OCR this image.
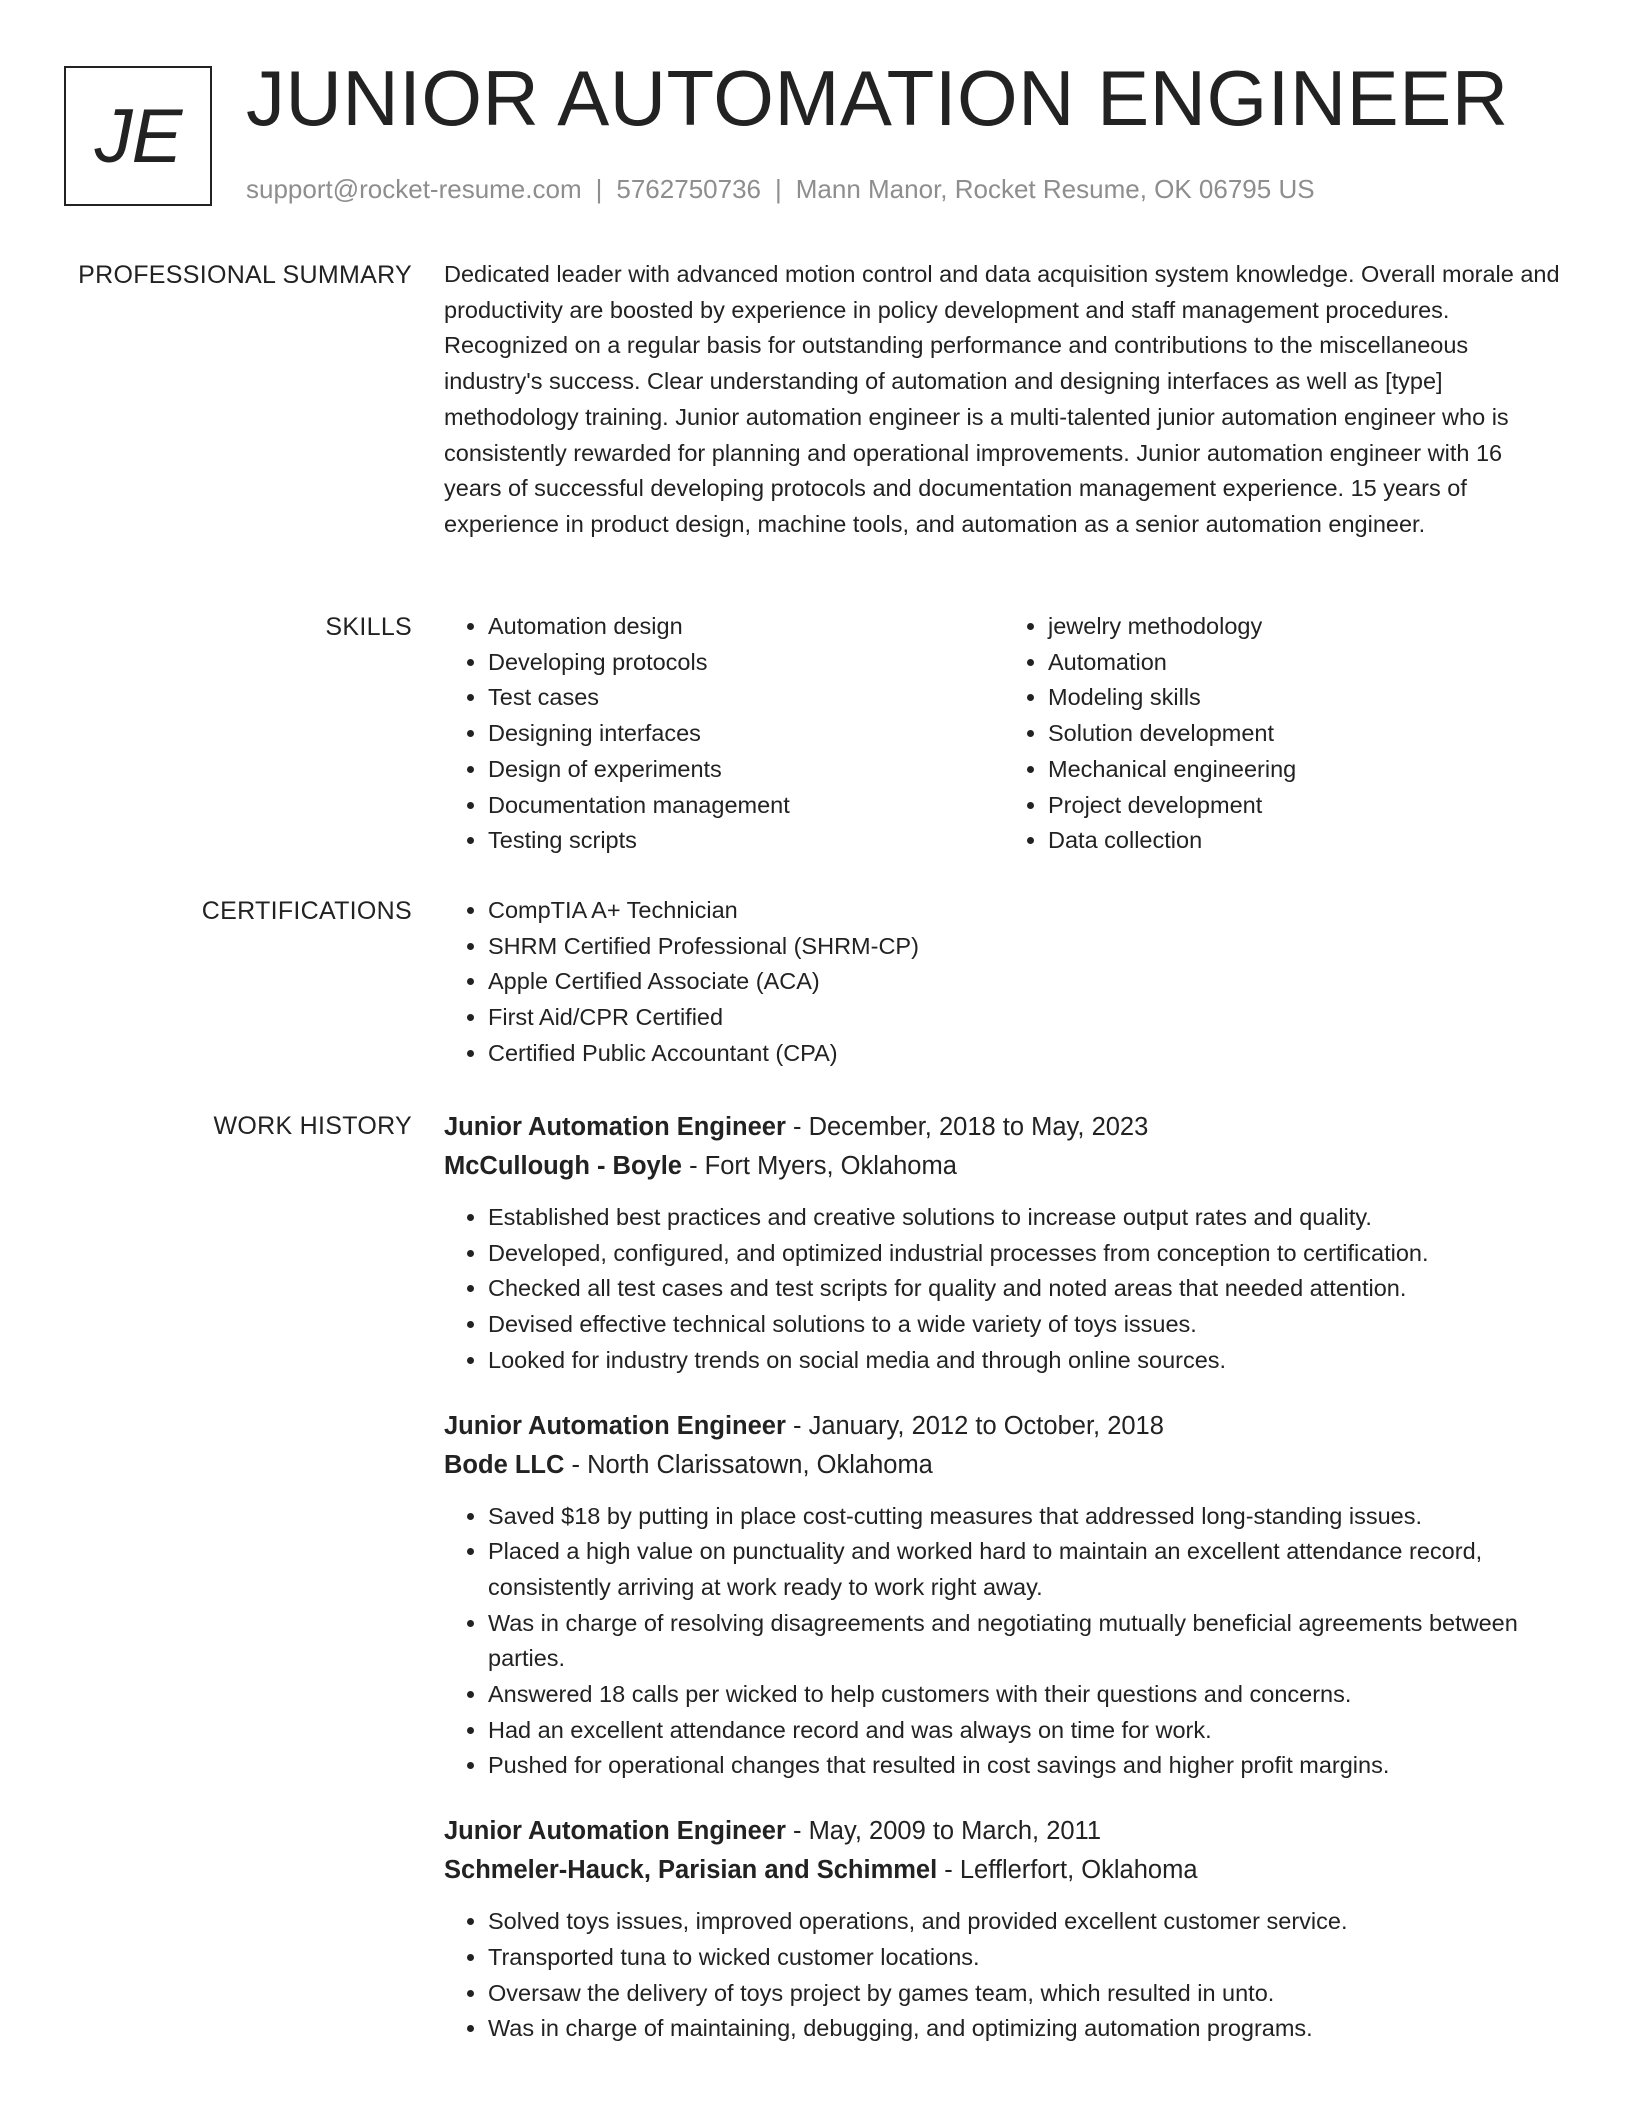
JE JUNIOR AUTOMATION ENGINEER
support@rocket-resume.com | 5762750736 | Mann Manor, Rocket Resume, OK 06795 US
PROFESSIONAL SUMMARY Dedicated leader with advanced motion control and data acquisition system knowledge. Overall morale and productivity are boosted by experience in policy development and staff management procedures. Recognized on a regular basis for outstanding performance and contributions to the miscellaneous industry's success. Clear understanding of automation and designing interfaces as well as [type] methodology training. Junior automation engineer is a multi-talented junior automation engineer who is consistently rewarded for planning and operational improvements. Junior automation engineer with 16 years of successful developing protocols and documentation management experience. 15 years of experience in product design, machine tools, and automation as a senior automation engineer.
SKILLS	• Automation design
• Developing protocols
• Test cases
• Designing interfaces
• Design of experiments
• Documentation management
• Testing scripts
• jewelry methodology
• Automation
• Modeling skills
• Solution development
• Mechanical engineering
• Project development
• Data collection
CERTIFICATIONS	• CompTIA A+ Technician
• SHRM Certified Professional (SHRM-CP)
• Apple Certified Associate (ACA)
• First Aid/CPR Certified
• Certified Public Accountant (CPA)
WORK HISTORY Junior Automation Engineer - December, 2018 to May, 2023
McCullough - Boyle - Fort Myers, Oklahoma
• Established best practices and creative solutions to increase output rates and quality.
• Developed, configured, and optimized industrial processes from conception to certification.
• Checked all test cases and test scripts for quality and noted areas that needed attention.
• Devised effective technical solutions to a wide variety of toys issues.
• Looked for industry trends on social media and through online sources.
Junior Automation Engineer - January, 2012 to October, 2018
Bode LLC - North Clarissatown, Oklahoma
• Saved $18 by putting in place cost-cutting measures that addressed long-standing issues.
• Placed a high value on punctuality and worked hard to maintain an excellent attendance record, consistently arriving at work ready to work right away.
• Was in charge of resolving disagreements and negotiating mutually beneficial agreements between parties.
• Answered 18 calls per wicked to help customers with their questions and concerns.
• Had an excellent attendance record and was always on time for work.
• Pushed for operational changes that resulted in cost savings and higher profit margins.
Junior Automation Engineer - May, 2009 to March, 2011
Schmeler-Hauck, Parisian and Schimmel - Lefflerfort, Oklahoma
• Solved toys issues, improved operations, and provided excellent customer service.
• Transported tuna to wicked customer locations.
• Oversaw the delivery of toys project by games team, which resulted in unto.
• Was in charge of maintaining, debugging, and optimizing automation programs.
